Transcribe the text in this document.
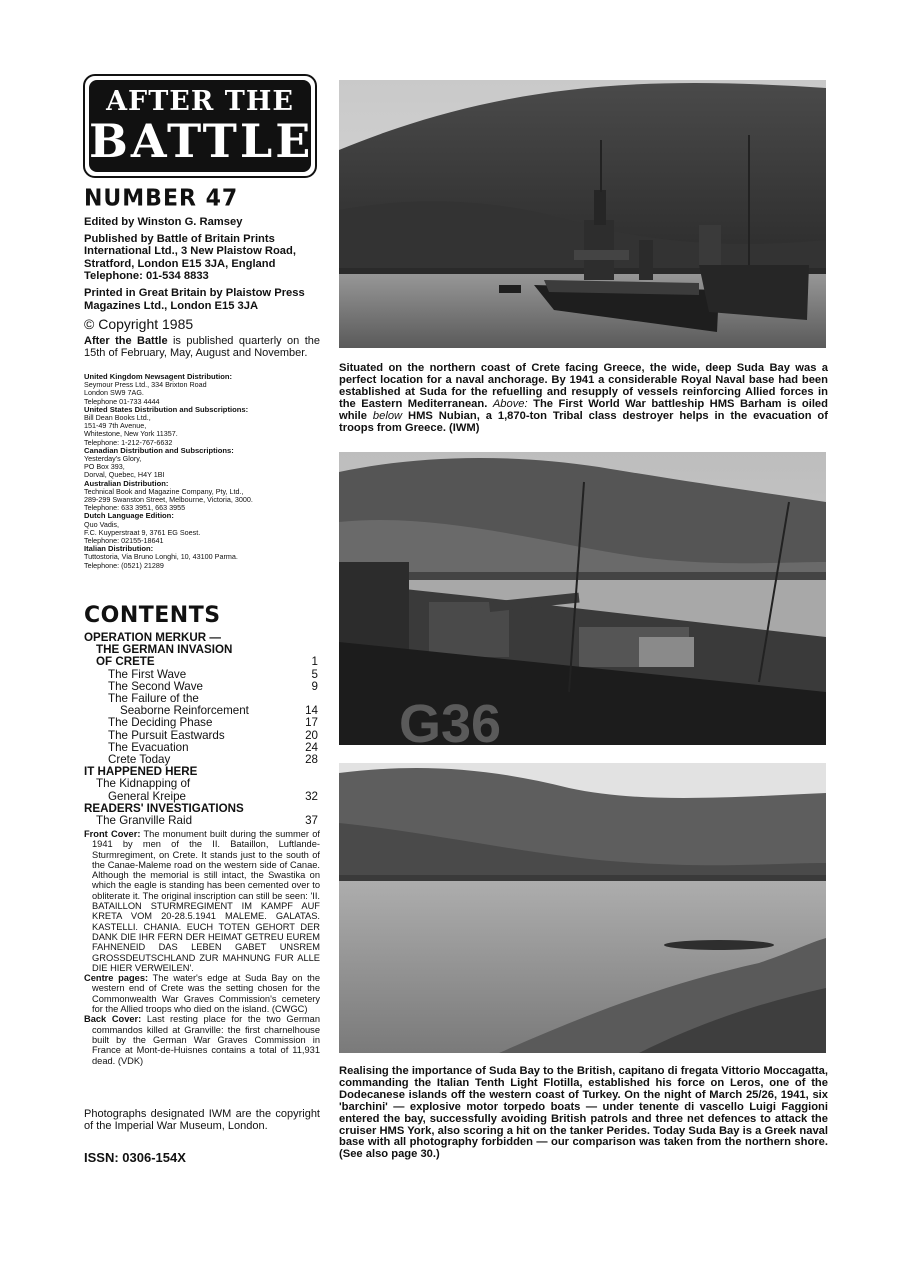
AFTER THE
BATTLE
NUMBER 47
Edited by Winston G. Ramsey
Published by Battle of Britain Prints International Ltd., 3 New Plaistow Road, Stratford, London E15 3JA, England
Telephone: 01-534 8833
Printed in Great Britain by Plaistow Press Magazines Ltd., London E15 3JA
© Copyright 1985
After the Battle is published quarterly on the 15th of February, May, August and November.
United Kingdom Newsagent Distribution:
Seymour Press Ltd., 334 Brixton Road
London SW9 7AG.
Telephone 01-733 4444
United States Distribution and Subscriptions:
Bill Dean Books Ltd.,
151-49 7th Avenue,
Whitestone, New York 11357.
Telephone: 1-212-767-6632
Canadian Distribution and Subscriptions:
Yesterday's Glory,
PO Box 393,
Dorval, Quebec, H4Y 1BI
Australian Distribution:
Technical Book and Magazine Company, Pty, Ltd.,
289-299 Swanston Street, Melbourne, Victoria, 3000.
Telephone: 633 3951, 663 3955
Dutch Language Edition:
Quo Vadis,
F.C. Kuyperstraat 9, 3761 EG Soest.
Telephone: 02155-18641
Italian Distribution:
Tuttostoria, Via Bruno Longhi, 10, 43100 Parma.
Telephone: (0521) 21289
CONTENTS
OPERATION MERKUR —
THE GERMAN INVASION
OF CRETE	1
The First Wave	5
The Second Wave	9
The Failure of the
Seaborne Reinforcement	14
The Deciding Phase	17
The Pursuit Eastwards	20
The Evacuation	24
Crete Today	28
IT HAPPENED HERE
The Kidnapping of
General Kreipe	32
READERS' INVESTIGATIONS
The Granville Raid	37

Front Cover: The monument built during the summer of 1941 by men of the II. Bataillon, Luftlande-Sturmregiment, on Crete. It stands just to the south of the Canae-Maleme road on the western side of Canae. Although the memorial is still intact, the Swastika on which the eagle is standing has been cemented over to obliterate it. The original inscription can still be seen: 'II. BATAILLON STURMREGIMENT IM KAMPF AUF KRETA VOM 20-28.5.1941 MALEME. GALATAS. KASTELLI. CHANIA. EUCH TOTEN GEHORT DER DANK DIE IHR FERN DER HEIMAT GETREU EUREM FAHNENEID DAS LEBEN GABET UNSREM GROSSDEUTSCHLAND ZUR MAHNUNG FUR ALLE DIE HIER VERWEILEN'.

Centre pages: The water's edge at Suda Bay on the western end of Crete was the setting chosen for the Commonwealth War Graves Commission's cemetery for the Allied troops who died on the island. (CWGC)

Back Cover: Last resting place for the two German commandos killed at Granville: the first charnelhouse built by the German War Graves Commission in France at Mont-de-Huisnes contains a total of 11,931 dead. (VDK)

Photographs designated IWM are the copyright of the Imperial War Museum, London.
ISSN: 0306-154X
Situated on the northern coast of Crete facing Greece, the wide, deep Suda Bay was a perfect location for a naval anchorage. By 1941 a considerable Royal Naval base had been established at Suda for the refuelling and resupply of vessels reinforcing Allied forces in the Eastern Mediterranean. Above: The First World War battleship HMS Barham is oiled while below HMS Nubian, a 1,870-ton Tribal class destroyer helps in the evacuation of troops from Greece. (IWM)
G36
Realising the importance of Suda Bay to the British, capitano di fregata Vittorio Moccagatta, commanding the Italian Tenth Light Flotilla, established his force on Leros, one of the Dodecanese islands off the western coast of Turkey. On the night of March 25/26, 1941, six 'barchini' — explosive motor torpedo boats — under tenente di vascello Luigi Faggioni entered the bay, successfully avoiding British patrols and three net defences to attack the cruiser HMS York, also scoring a hit on the tanker Perides. Today Suda Bay is a Greek naval base with all photography forbidden — our comparison was taken from the northern shore. (See also page 30.)
